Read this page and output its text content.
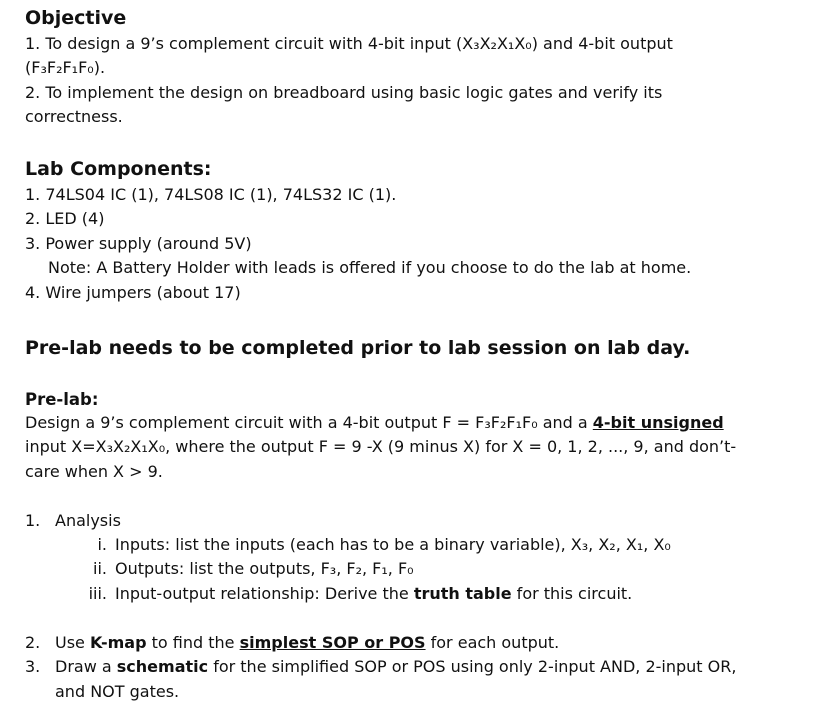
Objective
1. To design a 9’s complement circuit with 4-bit input (X₃X₂X₁X₀) and 4-bit output
(F₃F₂F₁F₀).
2. To implement the design on breadboard using basic logic gates and verify its
correctness.
Lab Components:
1. 74LS04 IC (1), 74LS08 IC (1), 74LS32 IC (1).
2. LED (4)
3. Power supply (around 5V)
Note: A Battery Holder with leads is offered if you choose to do the lab at home.
4. Wire jumpers (about 17)
Pre-lab needs to be completed prior to lab session on lab day.
Pre-lab:
Design a 9’s complement circuit with a 4-bit output F = F₃F₂F₁F₀ and a 4-bit unsigned
input X=X₃X₂X₁X₀, where the output F = 9 -X (9 minus X) for X = 0, 1, 2, ..., 9, and don’t-
care when X > 9.
1. Analysis
i. Inputs: list the inputs (each has to be a binary variable), X₃, X₂, X₁, X₀
ii. Outputs: list the outputs, F₃, F₂, F₁, F₀
iii. Input-output relationship: Derive the truth table for this circuit.
2. Use K-map to find the simplest SOP or POS for each output.
3. Draw a schematic for the simplified SOP or POS using only 2-input AND, 2-input OR,
and NOT gates.
